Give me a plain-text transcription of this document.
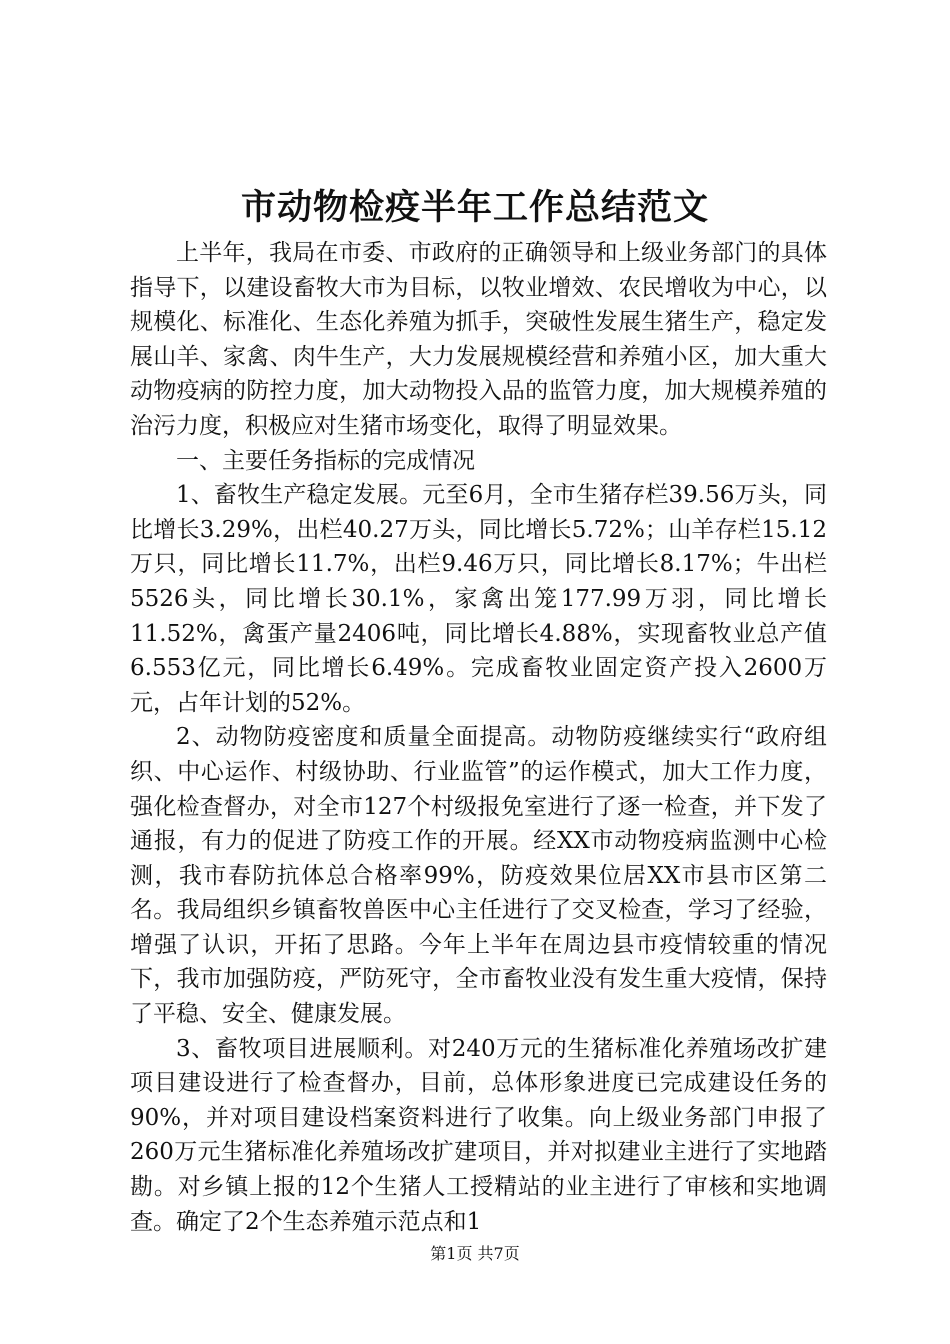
市动物检疫半年工作总结范文

上半年，我局在市委、市政府的正确领导和上级业务部门的具体指导下，以建设畜牧大市为目标，以牧业增效、农民增收为中心，以规模化、标准化、生态化养殖为抓手，突破性发展生猪生产，稳定发展山羊、家禽、肉牛生产，大力发展规模经营和养殖小区，加大重大动物疫病的防控力度，加大动物投入品的监管力度，加大规模养殖的治污力度，积极应对生猪市场变化，取得了明显效果。

一、主要任务指标的完成情况

1、畜牧生产稳定发展。元至6月，全市生猪存栏39.56万头，同比增长3.29%，出栏40.27万头，同比增长5.72%；山羊存栏15.12万只，同比增长11.7%，出栏9.46万只，同比增长8.17%；牛出栏5526头，同比增长30.1%，家禽出笼177.99万羽，同比增长11.52%，禽蛋产量2406吨，同比增长4.88%，实现畜牧业总产值6.553亿元，同比增长6.49%。完成畜牧业固定资产投入2600万元，占年计划的52%。

2、动物防疫密度和质量全面提高。动物防疫继续实行“政府组织、中心运作、村级协助、行业监管”的运作模式，加大工作力度，强化检查督办，对全市127个村级报免室进行了逐一检查，并下发了通报，有力的促进了防疫工作的开展。经XX市动物疫病监测中心检测，我市春防抗体总合格率99%，防疫效果位居XX市县市区第二名。我局组织乡镇畜牧兽医中心主任进行了交叉检查，学习了经验，增强了认识，开拓了思路。今年上半年在周边县市疫情较重的情况下，我市加强防疫，严防死守，全市畜牧业没有发生重大疫情，保持了平稳、安全、健康发展。

3、畜牧项目进展顺利。对240万元的生猪标准化养殖场改扩建项目建设进行了检查督办，目前，总体形象进度已完成建设任务的90%，并对项目建设档案资料进行了收集。向上级业务部门申报了260万元生猪标准化养殖场改扩建项目，并对拟建业主进行了实地踏勘。对乡镇上报的12个生猪人工授精站的业主进行了审核和实地调查。确定了2个生态养殖示范点和1

第1页 共7页
